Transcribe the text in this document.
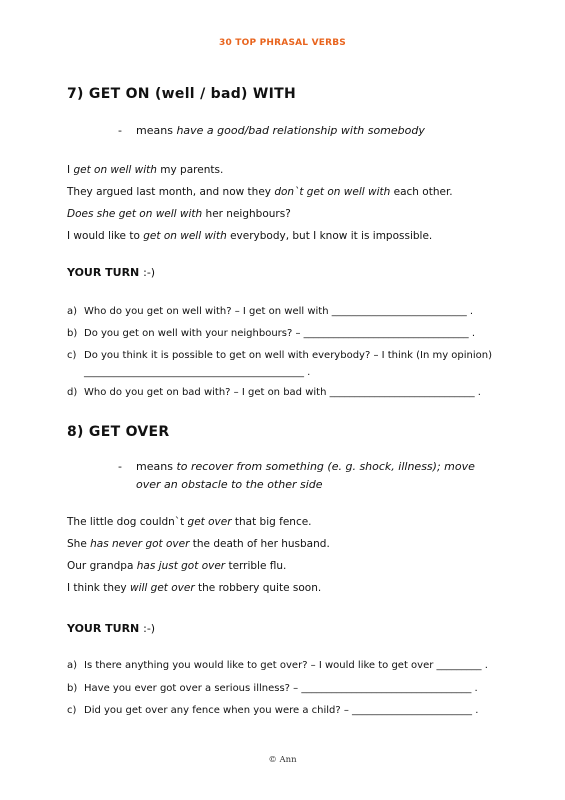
30 TOP PHRASAL VERBS
7) GET ON (well / bad) WITH
- means have a good/bad relationship with somebody
I get on well with my parents.
They argued last month, and now they don`t get on well with each other.
Does she get on well with her neighbours?
I would like to get on well with everybody, but I know it is impossible.
YOUR TURN :-)
a) Who do you get on well with? – I get on well with ___________________________ .
b) Do you get on well with your neighbours? – _________________________________ .
c) Do you think it is possible to get on well with everybody? – I think (In my opinion)
____________________________________________ .
d) Who do you get on bad with? – I get on bad with _____________________________ .
8) GET OVER
- means to recover from something (e. g. shock, illness); move
over an obstacle to the other side
The little dog couldn`t get over that big fence.
She has never got over the death of her husband.
Our grandpa has just got over terrible flu.
I think they will get over the robbery quite soon.
YOUR TURN :-)
a) Is there anything you would like to get over? – I would like to get over _________ .
b) Have you ever got over a serious illness? – __________________________________ .
c) Did you get over any fence when you were a child? – ________________________ .
© Ann
